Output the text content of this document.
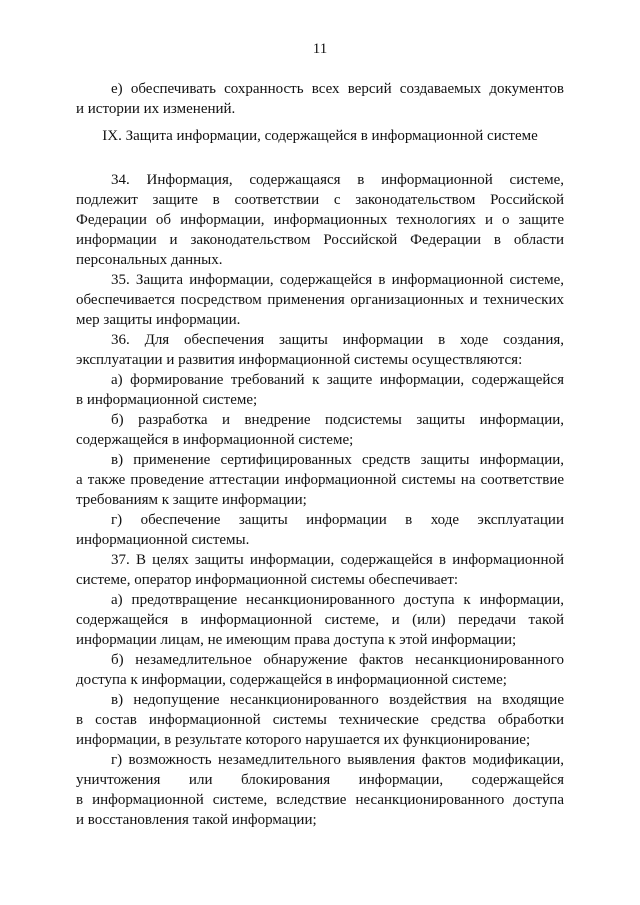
11
е) обеспечивать сохранность всех версий создаваемых документов
и истории их изменений.
IX. Защита информации, содержащейся в информационной системе
34. Информация, содержащаяся в информационной системе,
подлежит защите в соответствии с законодательством Российской
Федерации об информации, информационных технологиях и о защите
информации и законодательством Российской Федерации в области
персональных данных.
35. Защита информации, содержащейся в информационной системе,
обеспечивается посредством применения организационных и технических
мер защиты информации.
36. Для обеспечения защиты информации в ходе создания,
эксплуатации и развития информационной системы осуществляются:
а) формирование требований к защите информации, содержащейся
в информационной системе;
б) разработка и внедрение подсистемы защиты информации,
содержащейся в информационной системе;
в) применение сертифицированных средств защиты информации,
а также проведение аттестации информационной системы на соответствие
требованиям к защите информации;
г) обеспечение защиты информации в ходе эксплуатации
информационной системы.
37. В целях защиты информации, содержащейся в информационной
системе, оператор информационной системы обеспечивает:
а) предотвращение несанкционированного доступа к информации,
содержащейся в информационной системе, и (или) передачи такой
информации лицам, не имеющим права доступа к этой информации;
б) незамедлительное обнаружение фактов несанкционированного
доступа к информации, содержащейся в информационной системе;
в) недопущение несанкционированного воздействия на входящие
в состав информационной системы технические средства обработки
информации, в результате которого нарушается их функционирование;
г) возможность незамедлительного выявления фактов модификации,
уничтожения или блокирования информации, содержащейся
в информационной системе, вследствие несанкционированного доступа
и восстановления такой информации;
